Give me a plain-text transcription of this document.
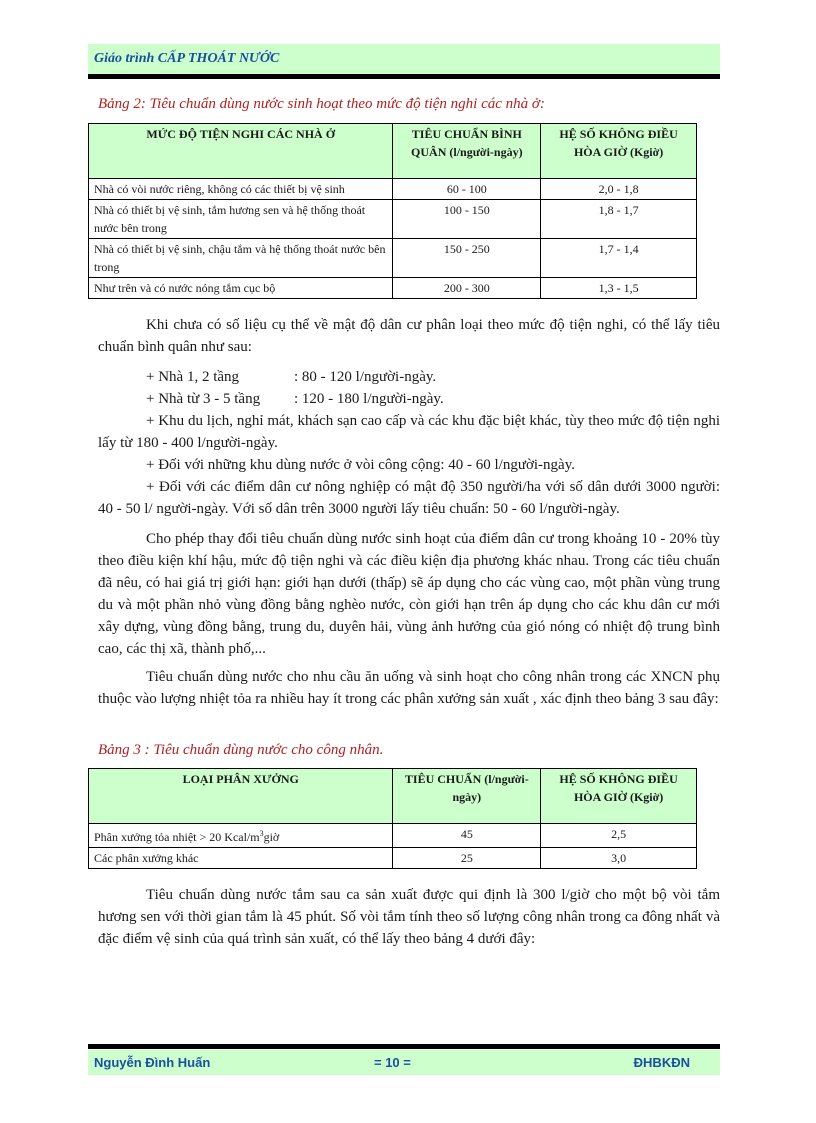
Giáo trình CẤP THOÁT NƯỚC
Bảng 2: Tiêu chuẩn dùng nước sinh hoạt theo mức độ tiện nghi các nhà ở:
MỨC ĐỘ TIỆN NGHI CÁC NHÀ Ở	TIÊU CHUẨN BÌNH QUÂN (l/người-ngày)	HỆ SỐ KHÔNG ĐIỀU HÒA GIỜ (Kgiờ)
Nhà có vòi nước riêng, không có các thiết bị vệ sinh	60 - 100	2,0 - 1,8
Nhà có thiết bị vệ sinh, tắm hương sen và hệ thống thoát nước bên trong	100 - 150	1,8 - 1,7
Nhà có thiết bị vệ sinh, chậu tắm và hệ thống thoát nước bên trong	150 - 250	1,7 - 1,4
Như trên và có nước nóng tắm cục bộ	200 - 300	1,3 - 1,5

Khi chưa có số liệu cụ thể về mật độ dân cư phân loại theo mức độ tiện nghi, có thể lấy tiêu chuẩn bình quân như sau:

+ Nhà 1, 2 tầng	: 80 - 120 l/người-ngày.

+ Nhà từ 3 - 5 tầng : 120 - 180 l/người-ngày.

+ Khu du lịch, nghỉ mát, khách sạn cao cấp và các khu đặc biệt khác, tùy theo mức độ tiện nghi lấy từ 180 - 400 l/người-ngày.

+ Đối với những khu dùng nước ở vòi công cộng: 40 - 60 l/người-ngày.

+ Đối với các điểm dân cư nông nghiệp có mật độ 350 người/ha với số dân dưới 3000 người: 40 - 50 l/ người-ngày. Với số dân trên 3000 người lấy tiêu chuẩn: 50 - 60 l/người-ngày.

Cho phép thay đổi tiêu chuẩn dùng nước sinh hoạt của điểm dân cư trong khoảng 10 - 20% tùy theo điều kiện khí hậu, mức độ tiện nghi và các điều kiện địa phương khác nhau. Trong các tiêu chuẩn đã nêu, có hai giá trị giới hạn: giới hạn dưới (thấp) sẽ áp dụng cho các vùng cao, một phần vùng trung du và một phần nhỏ vùng đồng bằng nghèo nước, còn giới hạn trên áp dụng cho các khu dân cư mới xây dựng, vùng đồng bằng, trung du, duyên hải, vùng ảnh hưởng của gió nóng có nhiệt độ trung bình cao, các thị xã, thành phố,...

Tiêu chuẩn dùng nước cho nhu cầu ăn uống và sinh hoạt cho công nhân trong các XNCN phụ thuộc vào lượng nhiệt tỏa ra nhiều hay ít trong các phân xưởng sản xuất , xác định theo bảng 3 sau đây:

Bảng 3 : Tiêu chuẩn dùng nước cho công nhân.
LOẠI PHÂN XƯỞNG	TIÊU CHUẨN (l/người-ngày)	HỆ SỐ KHÔNG ĐIỀU HÒA GIỜ (Kgiờ)
Phân xưởng tỏa nhiệt > 20 Kcal/$m^3giờ$	45	2,5
Các phân xưởng khác	25	3,0

Tiêu chuẩn dùng nước tắm sau ca sản xuất được qui định là 300 l/giờ cho một bộ vòi tắm hương sen với thời gian tắm là 45 phút. Số vòi tắm tính theo số lượng công nhân trong ca đông nhất và đặc điểm vệ sinh của quá trình sản xuất, có thể lấy theo bảng 4 dưới đây:

Nguyễn Đình Huấn	= 10 =	ĐHBKĐN
